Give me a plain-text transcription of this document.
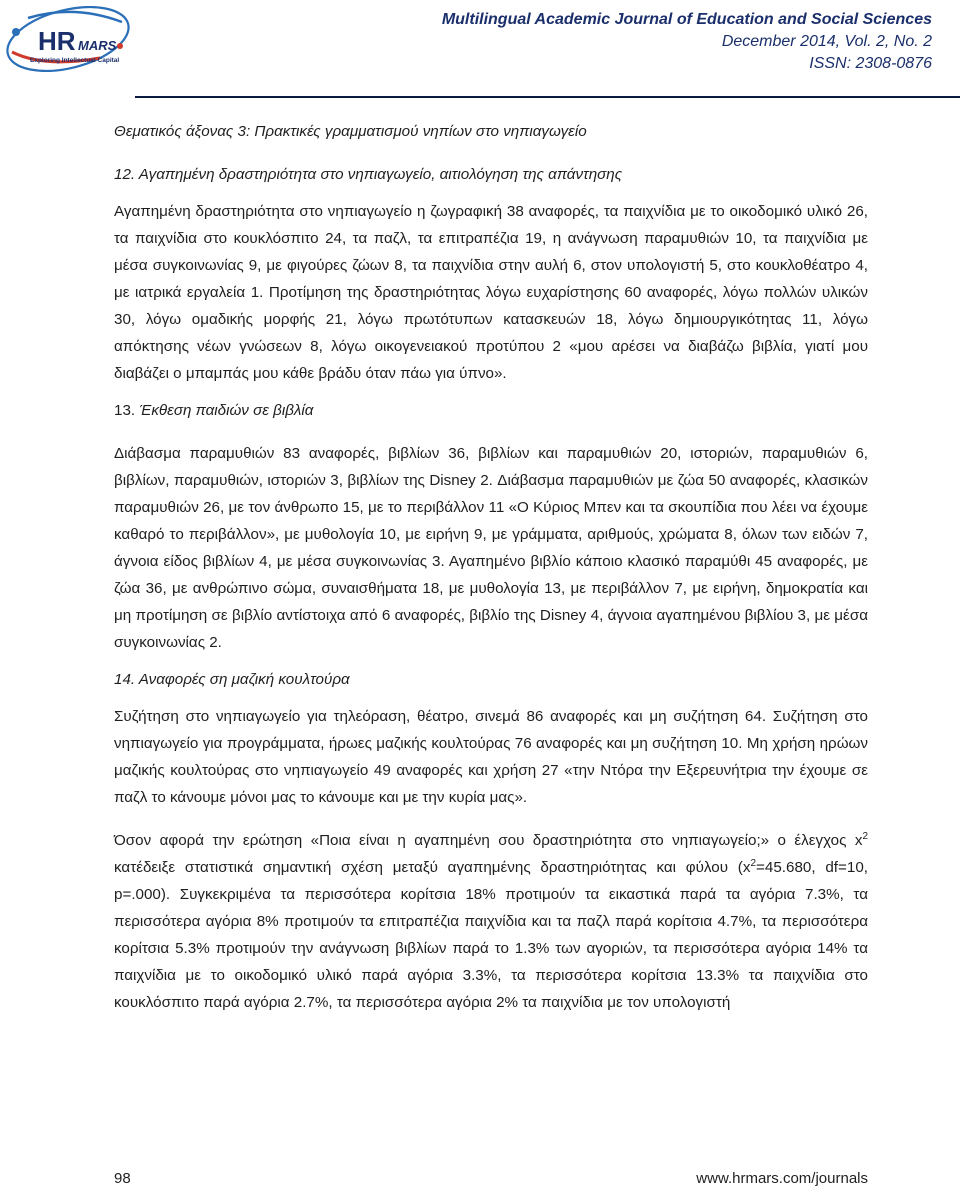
HR MARS
Exploring Intellectual Capital
Multilingual Academic Journal of Education and Social Sciences
December 2014, Vol. 2, No. 2
ISSN: 2308-0876

Θεματικός άξονας 3: Πρακτικές γραμματισμού νηπίων στο νηπιαγωγείο

12. Αγαπημένη δραστηριότητα στο νηπιαγωγείο, αιτιολόγηση της απάντησης

Αγαπημένη δραστηριότητα στο νηπιαγωγείο η ζωγραφική 38 αναφορές, τα παιχνίδια με το οικοδομικό υλικό 26, τα παιχνίδια στο κουκλόσπιτο 24, τα παζλ, τα επιτραπέζια 19, η ανάγνωση παραμυθιών 10, τα παιχνίδια με μέσα συγκοινωνίας 9, με φιγούρες ζώων 8, τα παιχνίδια στην αυλή 6, στον υπολογιστή 5, στο κουκλοθέατρο 4, με ιατρικά εργαλεία 1. Προτίμηση της δραστηριότητας λόγω ευχαρίστησης 60 αναφορές, λόγω πολλών υλικών 30, λόγω ομαδικής μορφής 21, λόγω πρωτότυπων κατασκευών 18, λόγω δημιουργικότητας 11, λόγω απόκτησης νέων γνώσεων 8, λόγω οικογενειακού προτύπου 2 «μου αρέσει να διαβάζω βιβλία, γιατί μου διαβάζει ο μπαμπάς μου κάθε βράδυ όταν πάω για ύπνο».

13. Έκθεση παιδιών σε βιβλία

Διάβασμα παραμυθιών 83 αναφορές, βιβλίων 36, βιβλίων και παραμυθιών 20, ιστοριών, παραμυθιών 6, βιβλίων, παραμυθιών, ιστοριών 3, βιβλίων της Disney 2. Διάβασμα παραμυθιών με ζώα 50 αναφορές, κλασικών παραμυθιών 26, με τον άνθρωπο 15, με το περιβάλλον 11 «Ο Κύριος Μπεν και τα σκουπίδια που λέει να έχουμε καθαρό το περιβάλλον», με μυθολογία 10, με ειρήνη 9, με γράμματα, αριθμούς, χρώματα 8, όλων των ειδών 7, άγνοια είδος βιβλίων 4, με μέσα συγκοινωνίας 3. Αγαπημένο βιβλίο κάποιο κλασικό παραμύθι 45 αναφορές, με ζώα 36, με ανθρώπινο σώμα, συναισθήματα 18, με μυθολογία 13, με περιβάλλον 7, με ειρήνη, δημοκρατία και μη προτίμηση σε βιβλίο αντίστοιχα από 6 αναφορές, βιβλίο της Disney 4, άγνοια αγαπημένου βιβλίου 3, με μέσα συγκοινωνίας 2.

14. Αναφορές ση μαζική κουλτούρα

Συζήτηση στο νηπιαγωγείο για τηλεόραση, θέατρο, σινεμά 86 αναφορές και μη συζήτηση 64. Συζήτηση στο νηπιαγωγείο για προγράμματα, ήρωες μαζικής κουλτούρας 76 αναφορές και μη συζήτηση 10. Μη χρήση ηρώων μαζικής κουλτούρας στο νηπιαγωγείο 49 αναφορές και χρήση 27 «την Ντόρα την Εξερευνήτρια την έχουμε σε παζλ το κάνουμε μόνοι μας το κάνουμε και με την κυρία μας».

Όσον αφορά την ερώτηση «Ποια είναι η αγαπημένη σου δραστηριότητα στο νηπιαγωγείο;» ο έλεγχος $x^2$ κατέδειξε στατιστικά σημαντική σχέση μεταξύ αγαπημένης δραστηριότητας και φύλου ($x^2=45.680$, df=10, p=.000). Συγκεκριμένα τα περισσότερα κορίτσια 18% προτιμούν τα εικαστικά παρά τα αγόρια 7.3%, τα περισσότερα αγόρια 8% προτιμούν τα επιτραπέζια παιχνίδια και τα παζλ παρά κορίτσια 4.7%, τα περισσότερα κορίτσια 5.3% προτιμούν την ανάγνωση βιβλίων παρά το 1.3% των αγοριών, τα περισσότερα αγόρια 14% τα παιχνίδια με το οικοδομικό υλικό παρά αγόρια 3.3%, τα περισσότερα κορίτσια 13.3% τα παιχνίδια στο κουκλόσπιτο παρά αγόρια 2.7%, τα περισσότερα αγόρια 2% τα παιχνίδια με τον υπολογιστή

98	www.hrmars.com/journals
